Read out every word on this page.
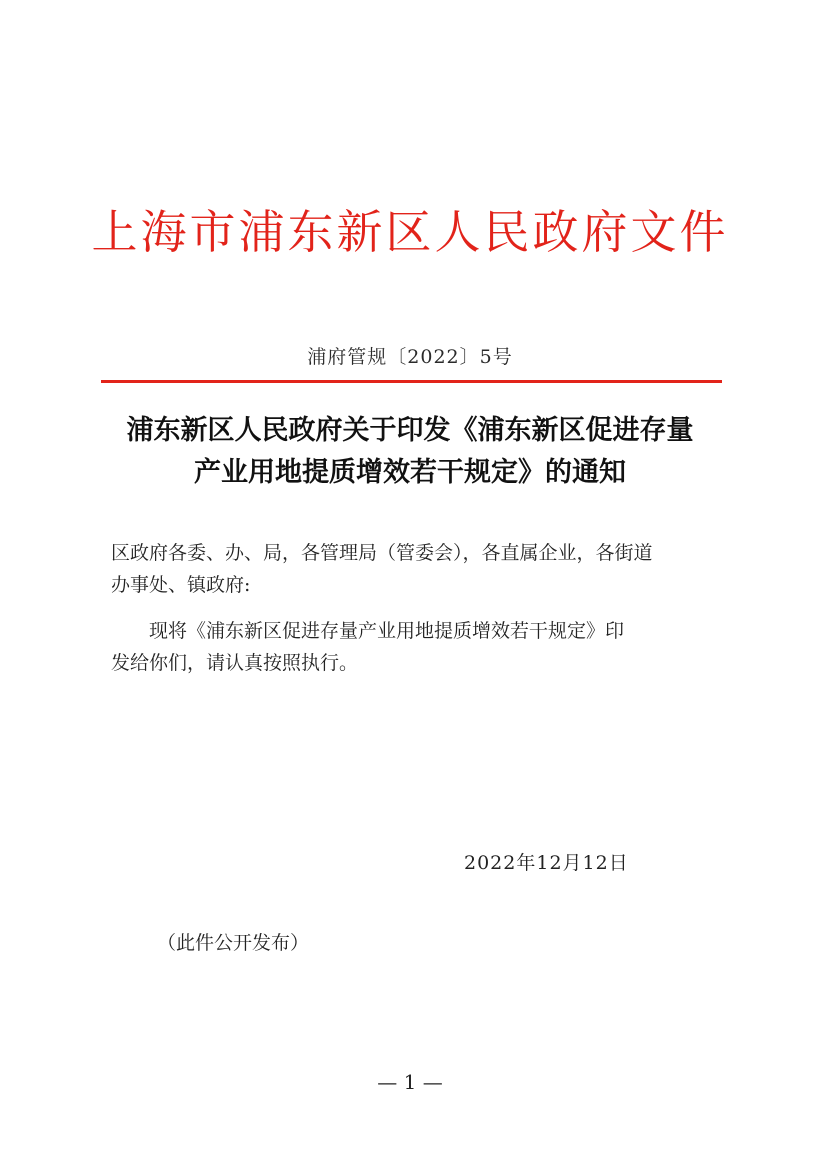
上海市浦东新区人民政府文件
浦府管规〔2022〕5号
浦东新区人民政府关于印发《浦东新区促进存量
产业用地提质增效若干规定》的通知

区政府各委、办、局，各管理局（管委会），各直属企业，各街道

办事处、镇政府:

现将《浦东新区促进存量产业用地提质增效若干规定》印

发给你们，请认真按照执行。

2022年12月12日
（此件公开发布）
— 1 —
